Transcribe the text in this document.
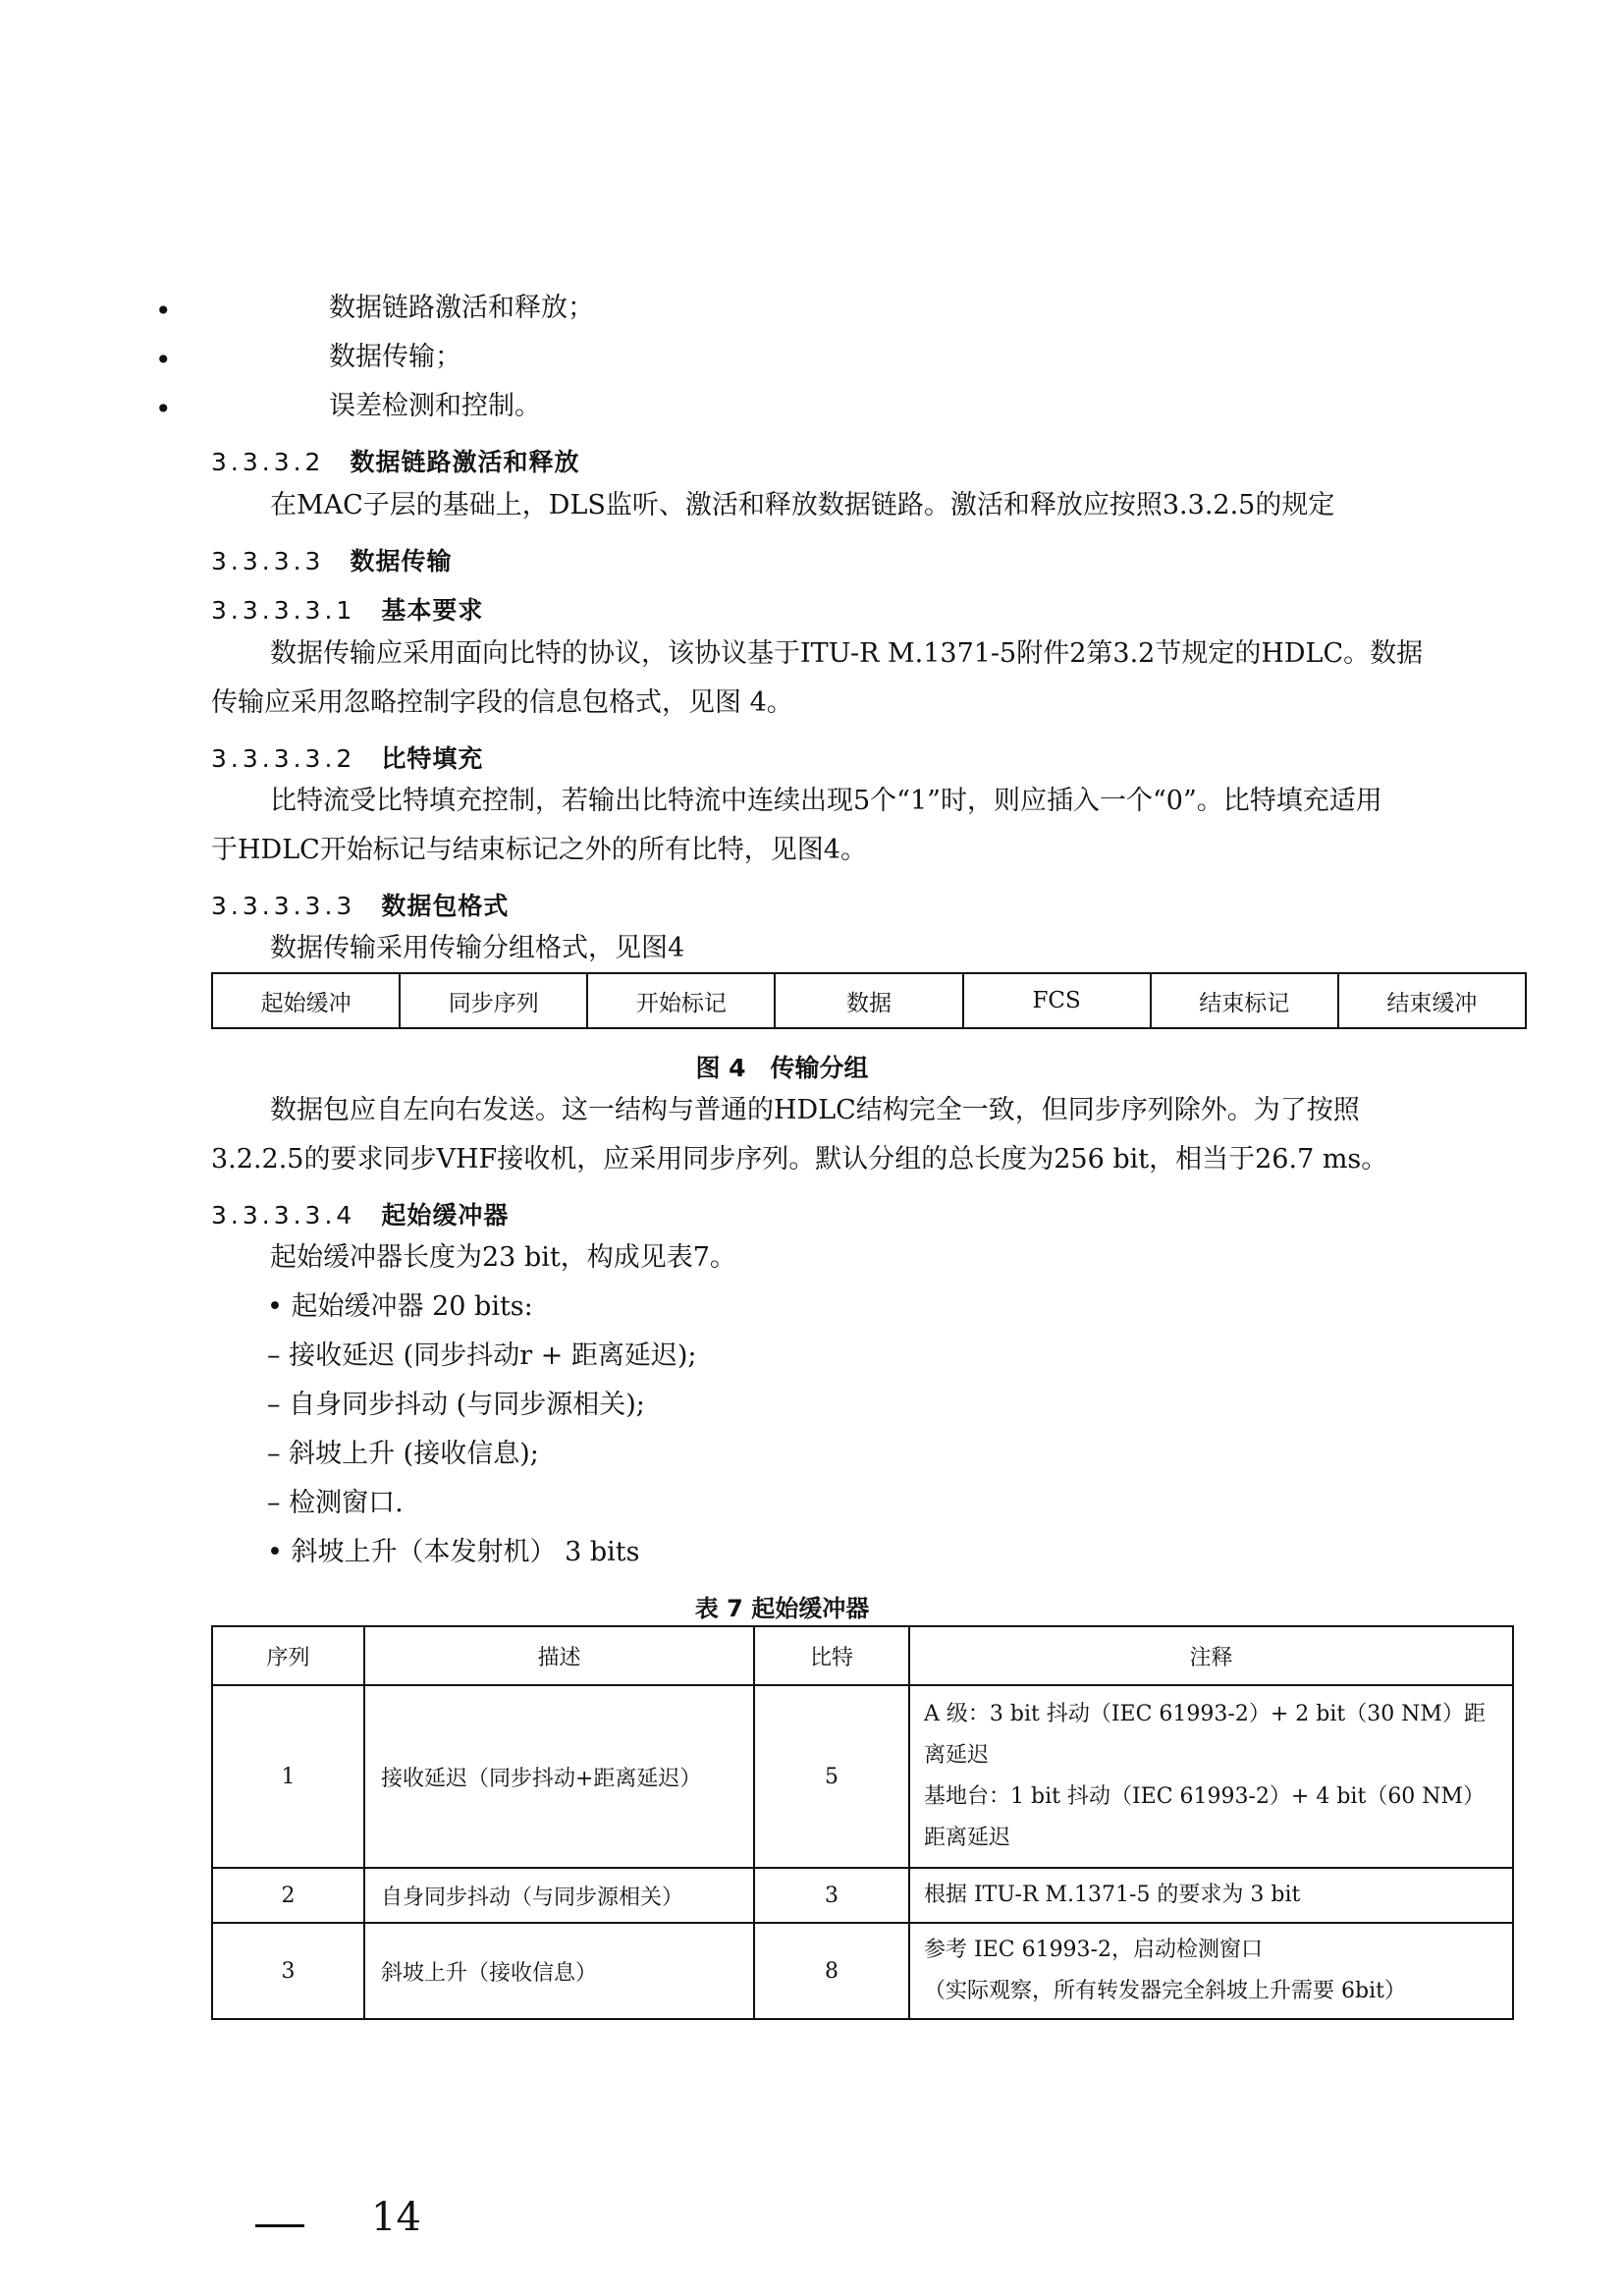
•	数据链路激活和释放；
•	数据传输；
•	误差检测和控制。
3.3.3.2 数据链路激活和释放
在MAC子层的基础上，DLS监听、激活和释放数据链路。激活和释放应按照3.3.2.5的规定
3.3.3.3 数据传输
3.3.3.3.1 基本要求
数据传输应采用面向比特的协议，该协议基于ITU-R M.1371-5附件2第3.2节规定的HDLC。数据
传输应采用忽略控制字段的信息包格式，见图 4。
3.3.3.3.2 比特填充
比特流受比特填充控制，若输出比特流中连续出现5个“1”时，则应插入一个“0”。比特填充适用
于HDLC开始标记与结束标记之外的所有比特，见图4。
3.3.3.3.3 数据包格式
数据传输采用传输分组格式，见图4
起始缓冲	同步序列	开始标记	数据	FCS	结束标记	结束缓冲
图 4　传输分组
数据包应自左向右发送。这一结构与普通的HDLC结构完全一致，但同步序列除外。为了按照
3.2.2.5的要求同步VHF接收机，应采用同步序列。默认分组的总长度为256 bit，相当于26.7 ms。
3.3.3.3.4 起始缓冲器
起始缓冲器长度为23 bit，构成见表7。
• 起始缓冲器 20 bits:
– 接收延迟 (同步抖动r + 距离延迟);
– 自身同步抖动 (与同步源相关);
– 斜坡上升 (接收信息);
– 检测窗口.
• 斜坡上升（本发射机） 3 bits
表 7 起始缓冲器
序列	描述	比特	注释
1	接收延迟（同步抖动+距离延迟）	5	A 级：3 bit 抖动（IEC 61993-2）+ 2 bit（30 NM）距离延迟
基地台：1 bit 抖动（IEC 61993-2）+ 4 bit（60 NM）距离延迟

2	自身同步抖动（与同步源相关）	3	根据 ITU-R M.1371-5 的要求为 3 bit

3	斜坡上升（接收信息）	8	参考 IEC 61993-2，启动检测窗口
（实际观察，所有转发器完全斜坡上升需要 6bit）
14
